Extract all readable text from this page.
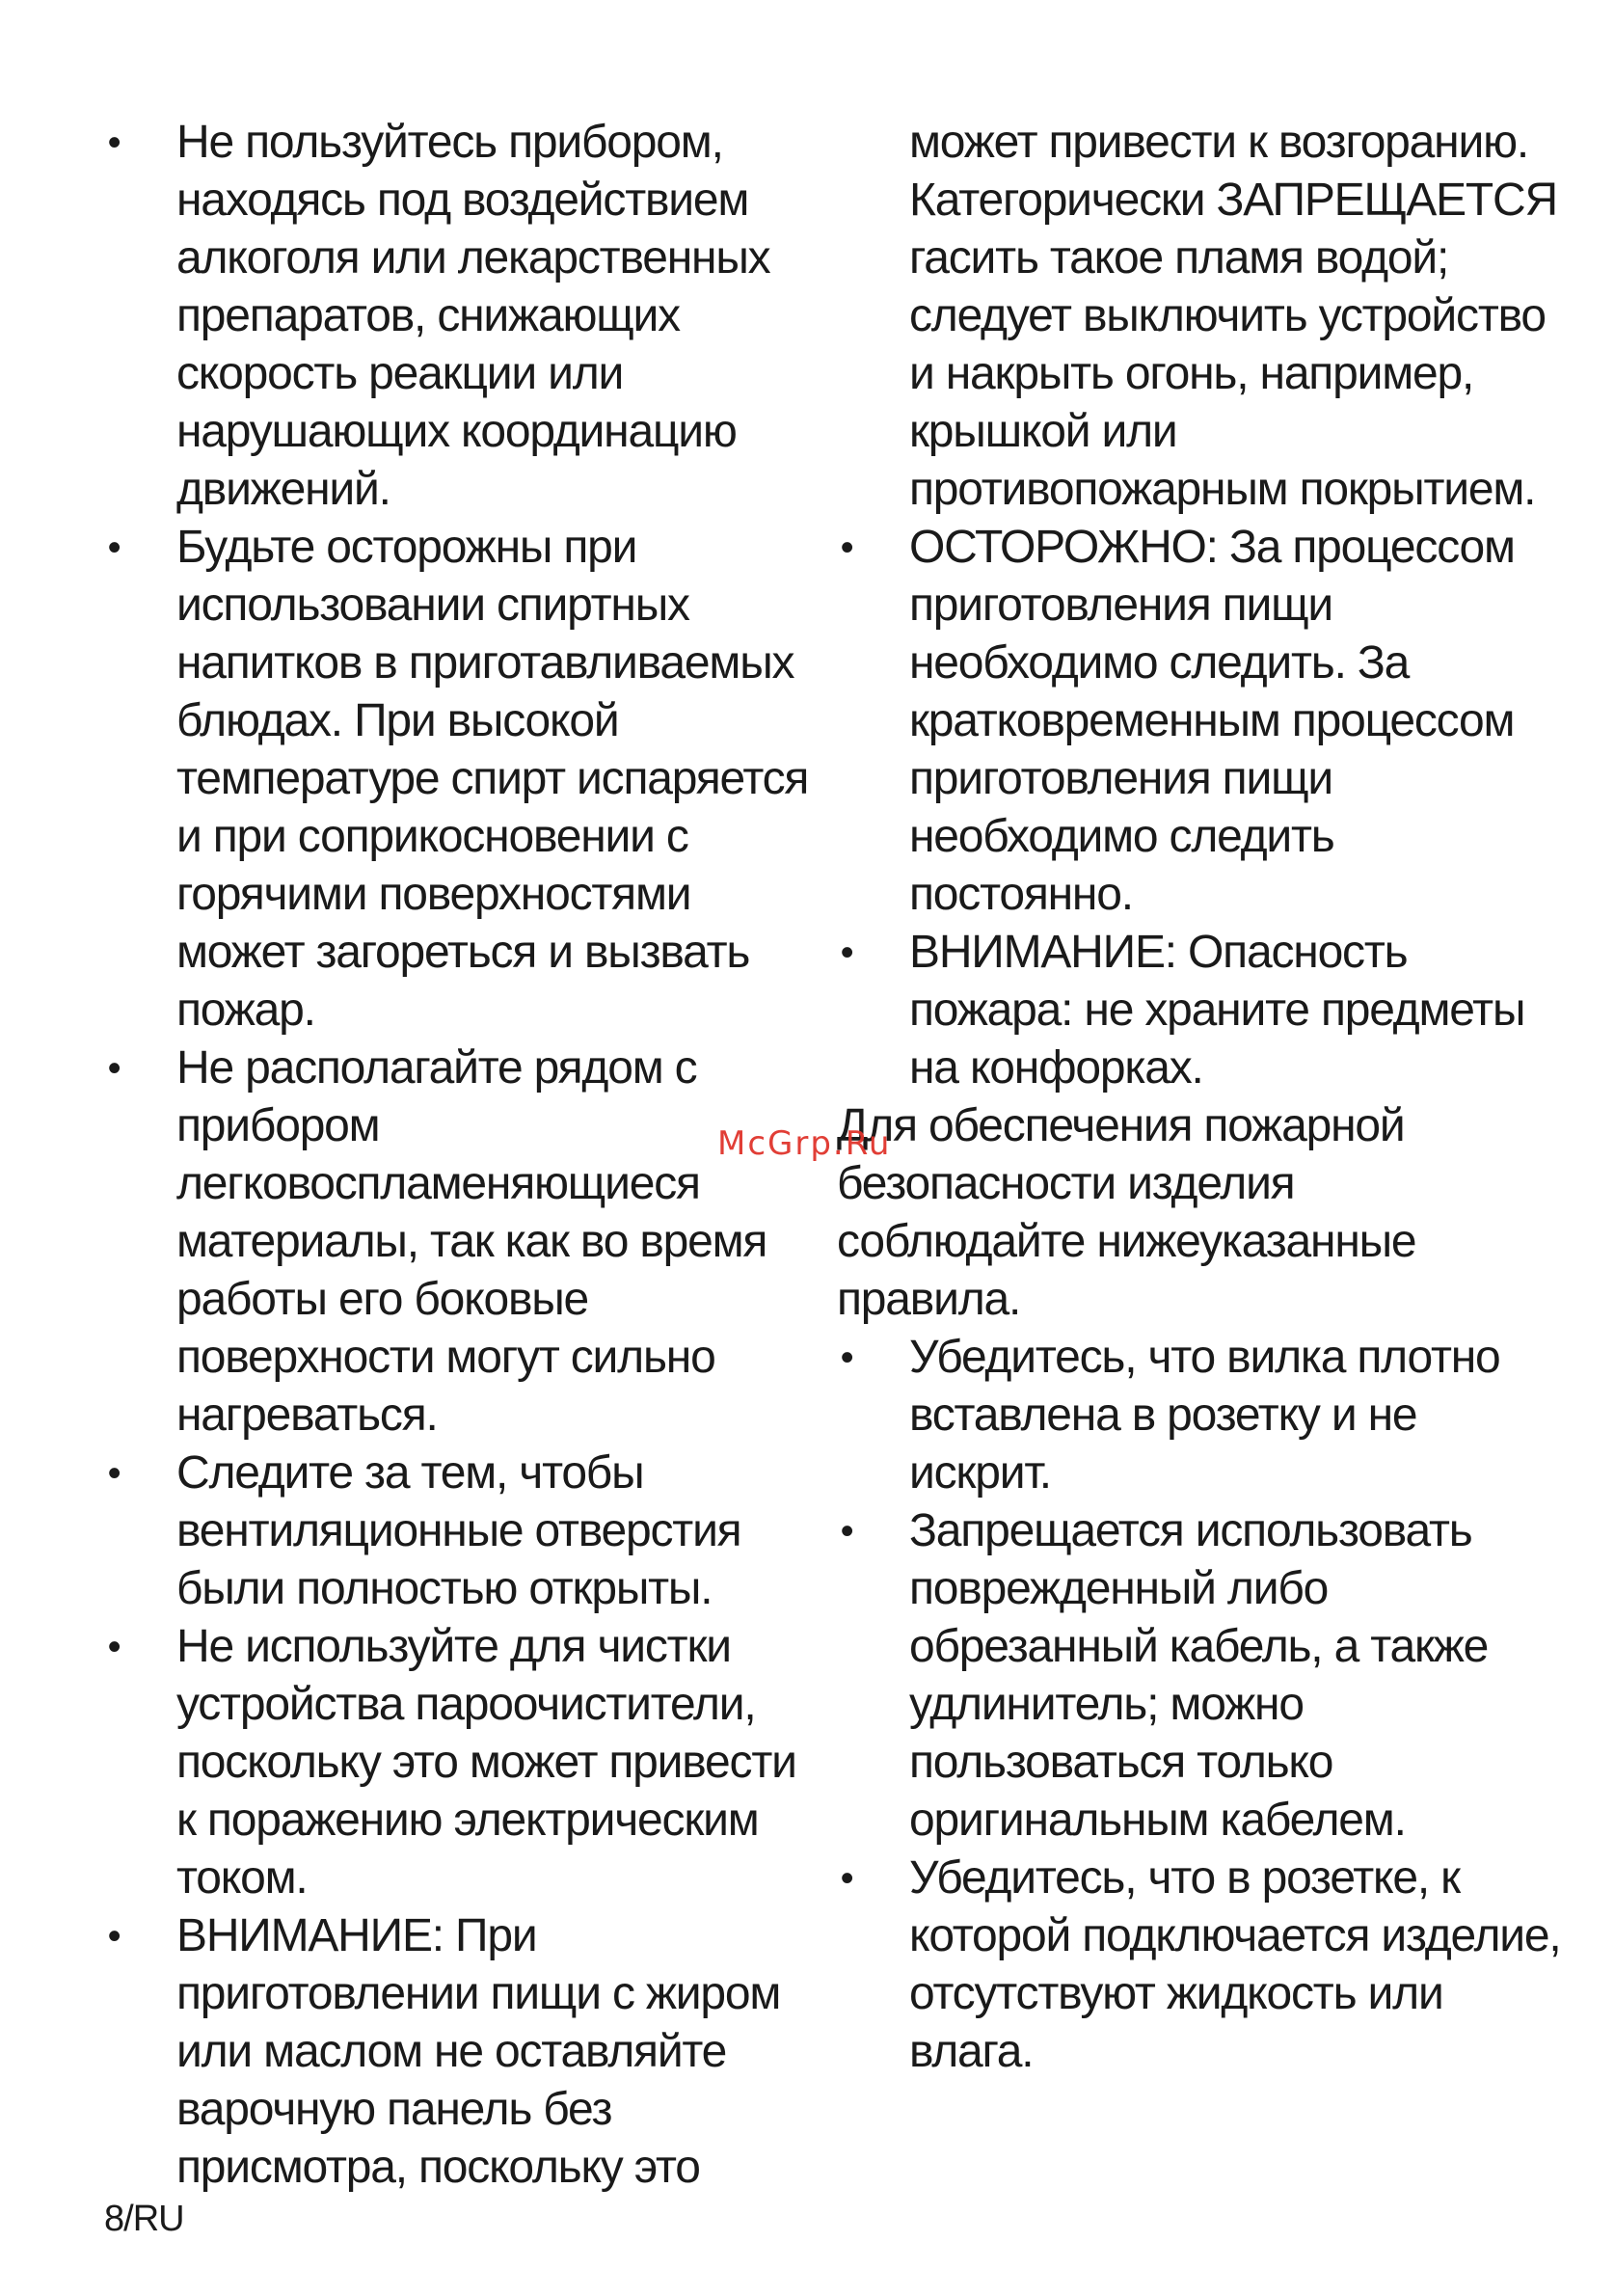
•	Не пользуйтесь прибором,
находясь под воздействием
алкоголя или лекарственных
препаратов, снижающих
скорость реакции или
нарушающих координацию
движений.
•	Будьте осторожны при
использовании спиртных
напитков в приготавливаемых
блюдах. При высокой
температуре спирт испаряется
и при соприкосновении с
горячими поверхностями
может загореться и вызвать
пожар.
•	Не располагайте рядом с
прибором
легковоспламеняющиеся
материалы, так как во время
работы его боковые
поверхности могут сильно
нагреваться.
•	Следите за тем, чтобы
вентиляционные отверстия
были полностью открыты.
•	Не используйте для чистки
устройства пароочистители,
поскольку это может привести
к поражению электрическим
током.
•	ВНИМАНИЕ: При
приготовлении пищи с жиром
или маслом не оставляйте
варочную панель без
присмотра, поскольку это
может привести к возгоранию.
Категорически ЗАПРЕЩАЕТСЯ
гасить такое пламя водой;
следует выключить устройство
и накрыть огонь, например,
крышкой или
противопожарным покрытием.
•	ОСТОРОЖНО: За процессом
приготовления пищи
необходимо следить. За
кратковременным процессом
приготовления пищи
необходимо следить
постоянно.
•	ВНИМАНИЕ: Опасность
пожара: не храните предметы
на конфорках.
Для обеспечения пожарной
безопасности изделия
соблюдайте нижеуказанные
правила.
•	Убедитесь, что вилка плотно
вставлена в розетку и не
искрит.
•	Запрещается использовать
поврежденный либо
обрезанный кабель, а также
удлинитель; можно
пользоваться только
оригинальным кабелем.
•	Убедитесь, что в розетке, к
которой подключается изделие,
отсутствуют жидкость или
влага.
McGrp.Ru
8/RU
